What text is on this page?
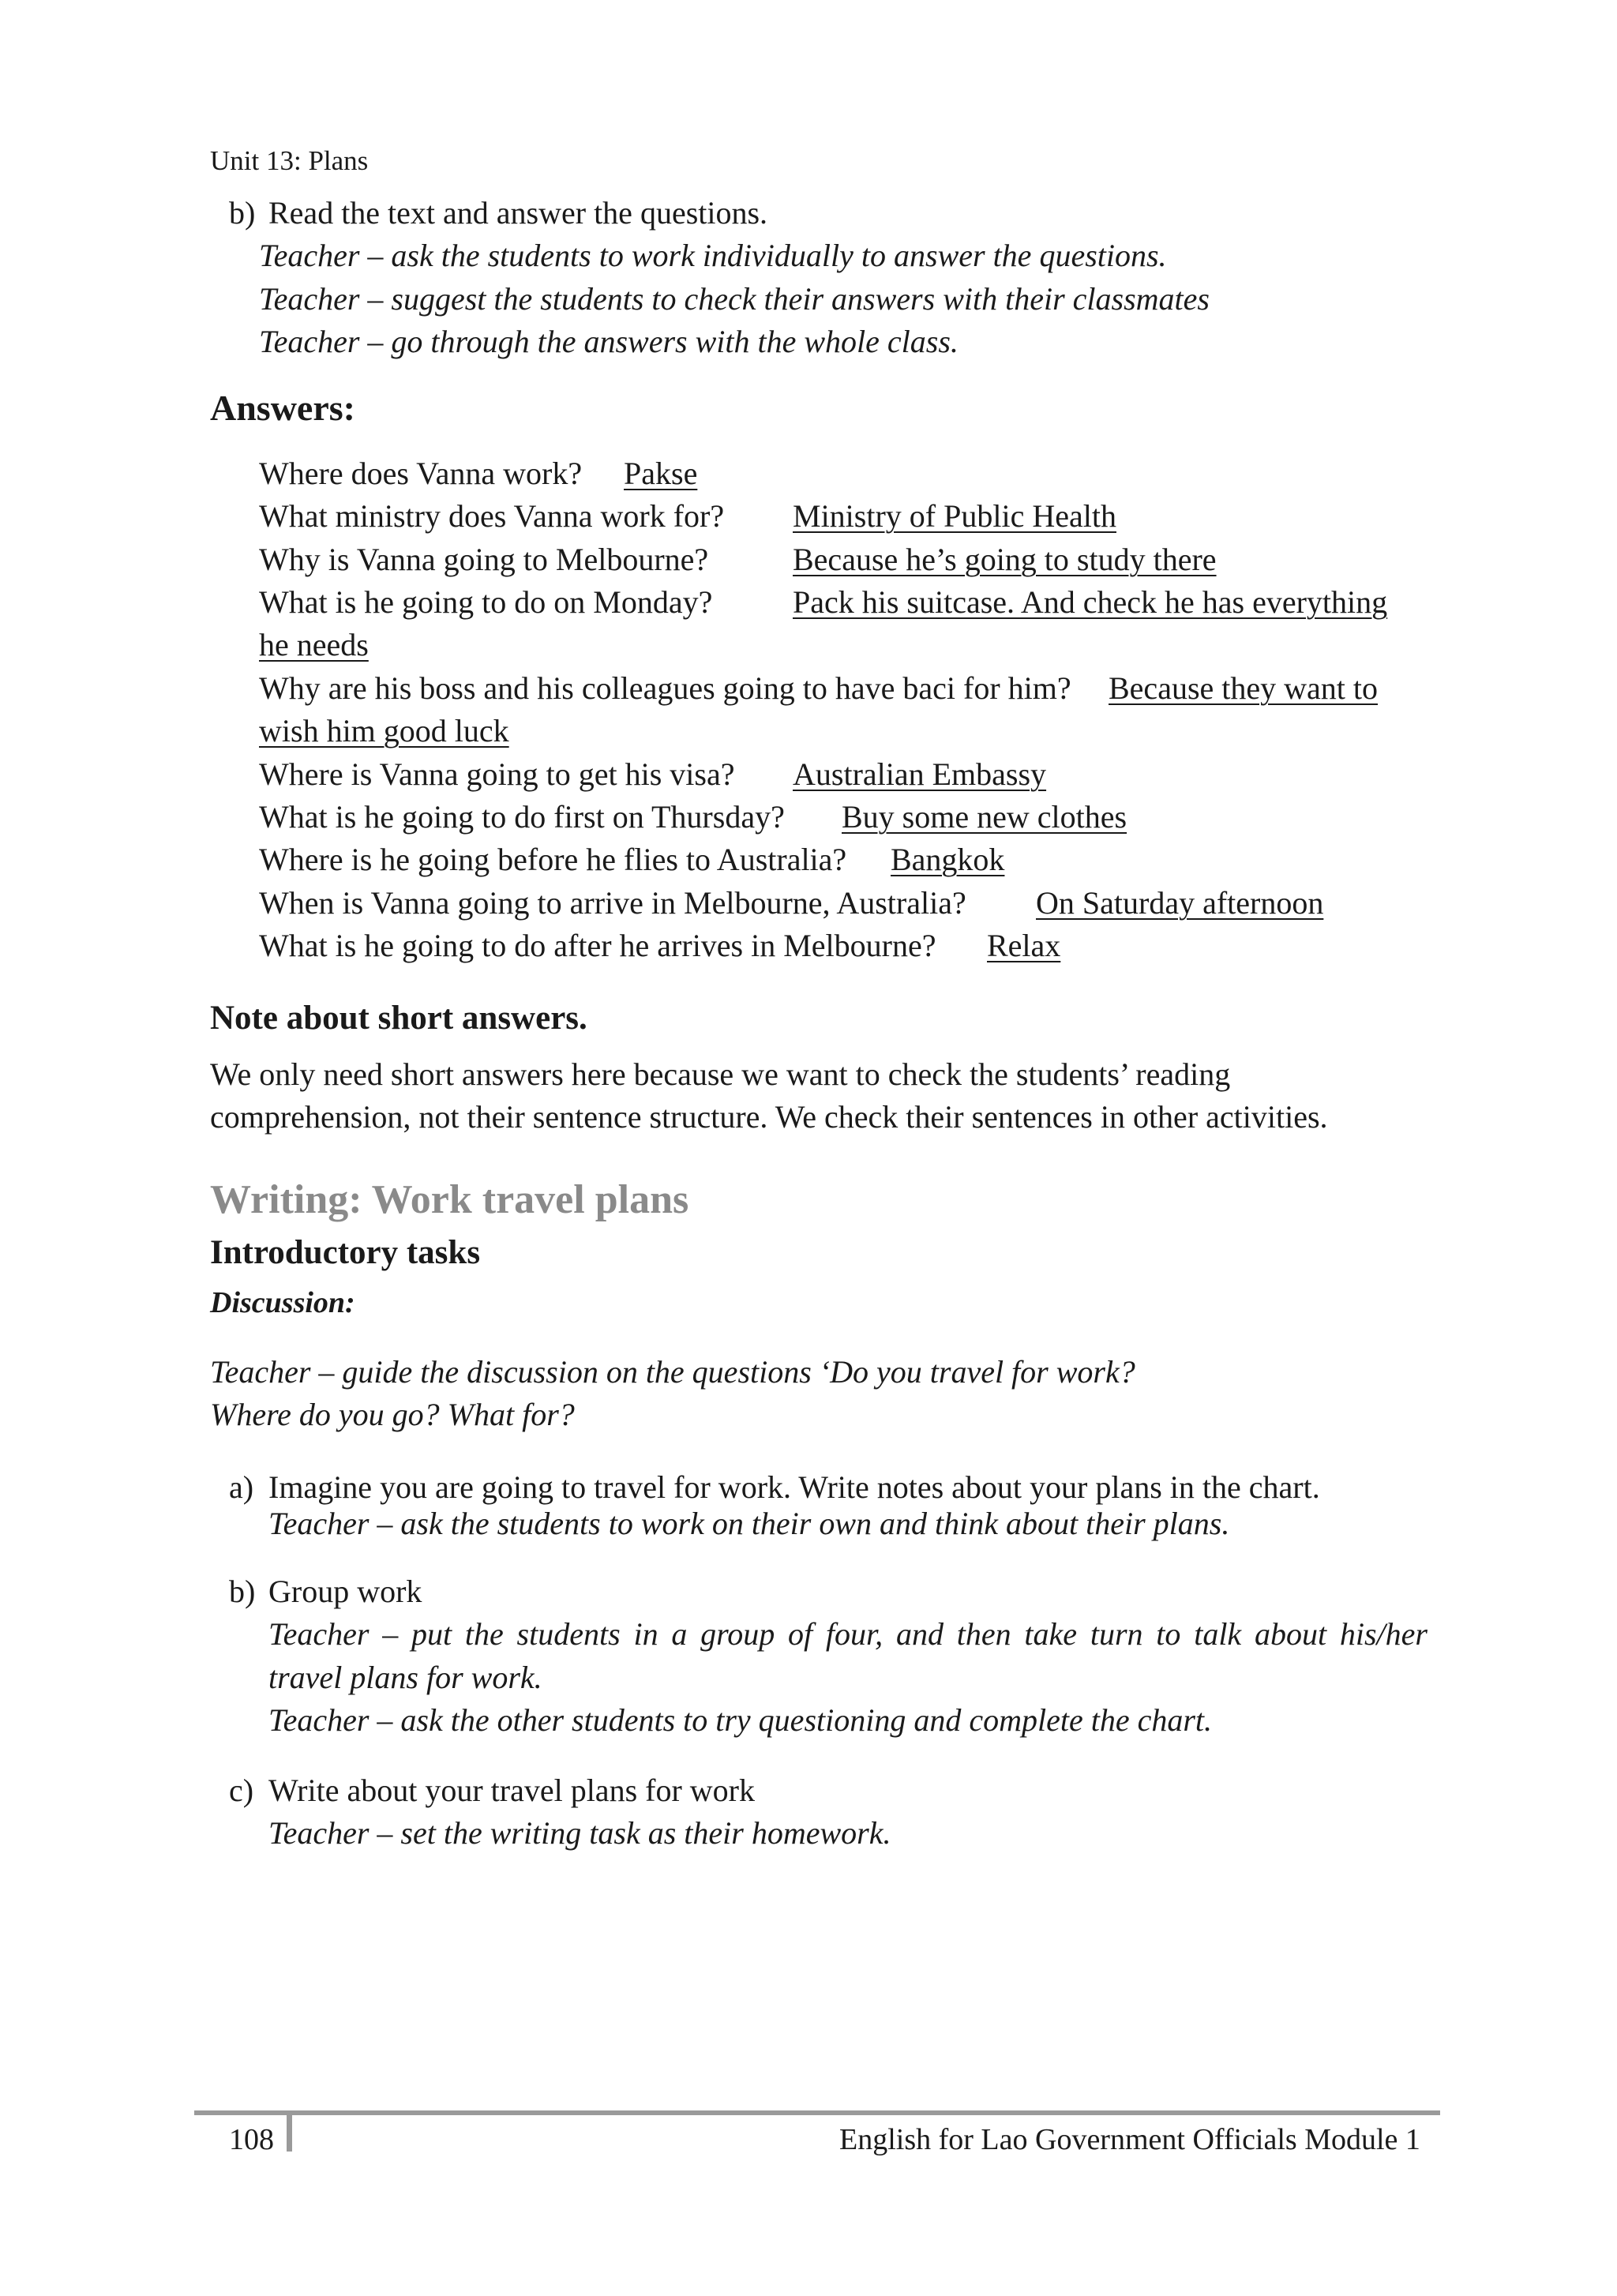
Unit 13: Plans
b) Read the text and answer the questions.
Teacher – ask the students to work individually to answer the questions.
Teacher – suggest the students to check their answers with their classmates
Teacher – go through the answers with the whole class.
Answers:
Where does Vanna work? Pakse
What ministry does Vanna work for? Ministry of Public Health
Why is Vanna going to Melbourne?	Because he’s going to study there
What is he going to do on Monday?	Pack his suitcase. And check he has everything
he needs
Why are his boss and his colleagues going to have baci for him? Because they want to
wish him good luck
Where is Vanna going to get his visa? Australian Embassy
What is he going to do first on Thursday? Buy some new clothes
Where is he going before he flies to Australia? Bangkok
When is Vanna going to arrive in Melbourne, Australia? On Saturday afternoon
What is he going to do after he arrives in Melbourne? Relax
Note about short answers.
We only need short answers here because we want to check the students’ reading
comprehension, not their sentence structure. We check their sentences in other activities.
Writing: Work travel plans
Introductory tasks
Discussion:
Teacher – guide the discussion on the questions ‘Do you travel for work?
Where do you go? What for?
a) Imagine you are going to travel for work. Write notes about your plans in the chart.
Teacher – ask the students to work on their own and think about their plans.
b) Group work
Teacher – put the students in a group of four, and then take turn to talk about his/her
travel plans for work.
Teacher – ask the other students to try questioning and complete the chart.
c) Write about your travel plans for work
Teacher – set the writing task as their homework.
108	English for Lao Government Officials Module 1
